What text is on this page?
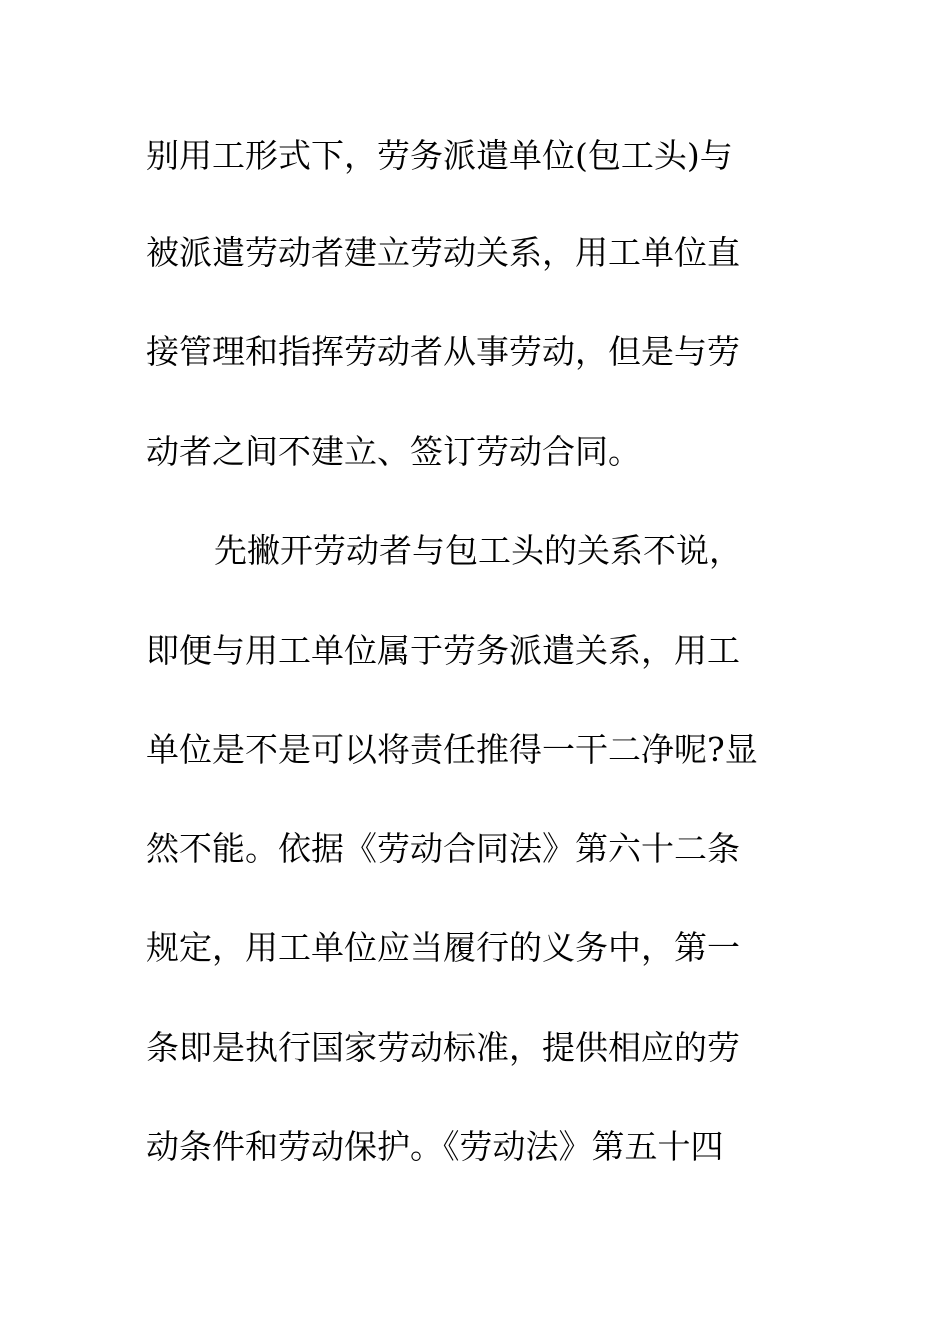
别用工形式下，劳务派遣单位(包工头)与
被派遣劳动者建立劳动关系，用工单位直
接管理和指挥劳动者从事劳动，但是与劳
动者之间不建立、签订劳动合同。
先撇开劳动者与包工头的关系不说，
即便与用工单位属于劳务派遣关系，用工
单位是不是可以将责任推得一干二净呢?显
然不能。依据《劳动合同法》第六十二条
规定，用工单位应当履行的义务中，第一
条即是执行国家劳动标准，提供相应的劳
动条件和劳动保护。《劳动法》第五十四
